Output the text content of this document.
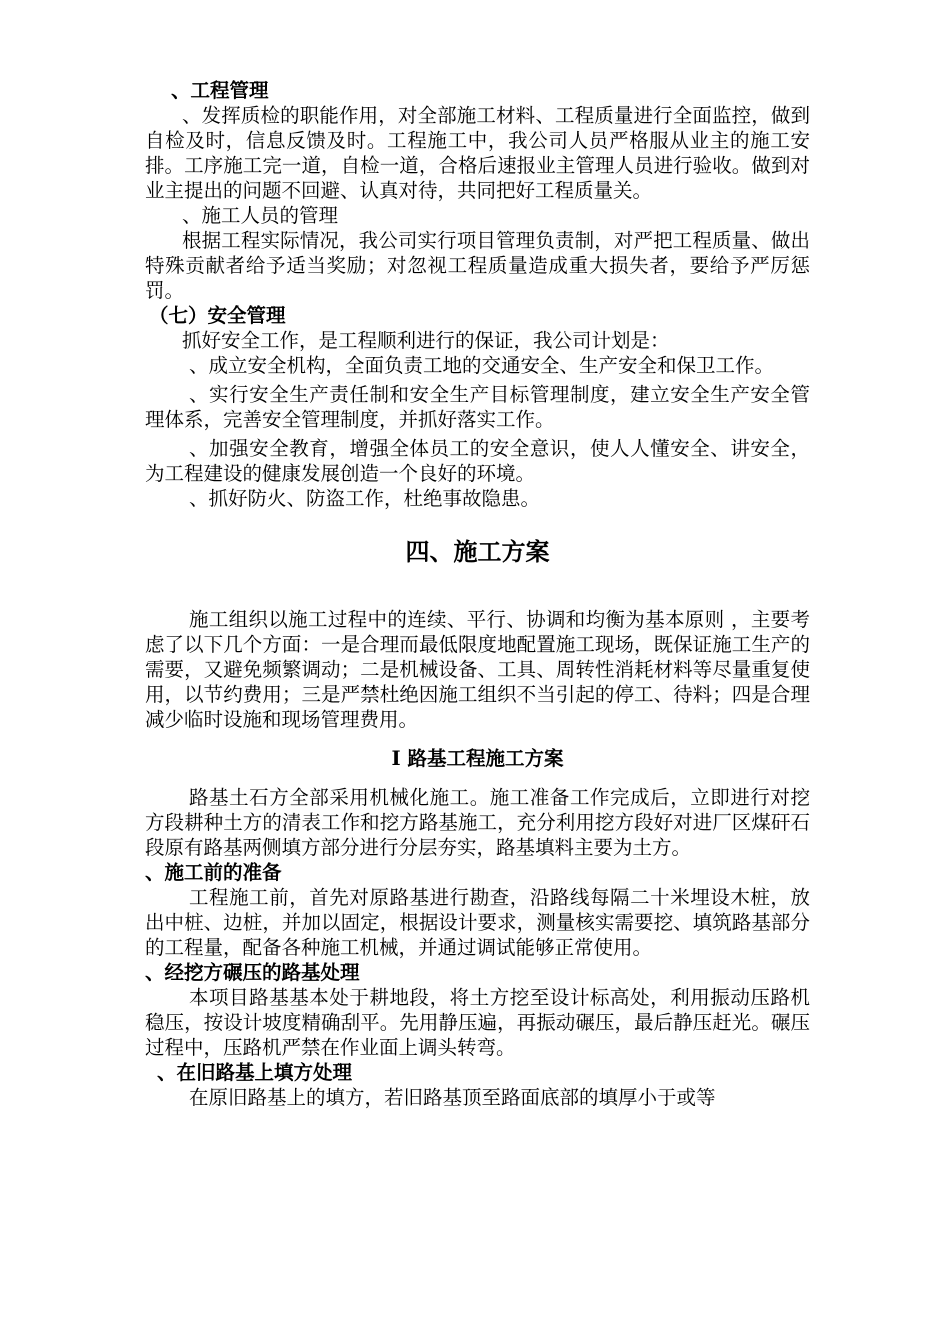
、工程管理

、发挥质检的职能作用，对全部施工材料、工程质量进行全面监控，做到自检及时，信息反馈及时。工程施工中，我公司人员严格服从业主的施工安排。工序施工完一道，自检一道，合格后速报业主管理人员进行验收。做到对业主提出的问题不回避、认真对待，共同把好工程质量关。

、施工人员的管理

根据工程实际情况，我公司实行项目管理负责制，对严把工程质量、做出特殊贡献者给予适当奖励；对忽视工程质量造成重大损失者，要给予严厉惩罚。

（七）安全管理

抓好安全工作，是工程顺利进行的保证，我公司计划是：

、成立安全机构，全面负责工地的交通安全、生产安全和保卫工作。

、实行安全生产责任制和安全生产目标管理制度，建立安全生产安全管理体系，完善安全管理制度，并抓好落实工作。

、加强安全教育，增强全体员工的安全意识，使人人懂安全、讲安全，为工程建设的健康发展创造一个良好的环境。

、抓好防火、防盗工作，杜绝事故隐患。

四、施工方案

施工组织以施工过程中的连续、平行、协调和均衡为基本原则 ，主要考虑了以下几个方面：一是合理而最低限度地配置施工现场，既保证施工生产的需要，又避免频繁调动；二是机械设备、工具、周转性消耗材料等尽量重复使用，以节约费用；三是严禁杜绝因施工组织不当引起的停工、待料；四是合理减少临时设施和现场管理费用。

Ⅰ 路基工程施工方案

路基土石方全部采用机械化施工。施工准备工作完成后，立即进行对挖方段耕种土方的清表工作和挖方路基施工，充分利用挖方段好对进厂区煤矸石段原有路基两侧填方部分进行分层夯实，路基填料主要为土方。

、施工前的准备

工程施工前，首先对原路基进行勘查，沿路线每隔二十米埋设木桩，放出中桩、边桩，并加以固定，根据设计要求，测量核实需要挖、填筑路基部分的工程量，配备各种施工机械，并通过调试能够正常使用。

、经挖方碾压的路基处理

本项目路基基本处于耕地段，将土方挖至设计标高处，利用振动压路机稳压，按设计坡度精确刮平。先用静压遍，再振动碾压，最后静压赶光。碾压过程中，压路机严禁在作业面上调头转弯。

、在旧路基上填方处理

在原旧路基上的填方，若旧路基顶至路面底部的填厚小于或等
